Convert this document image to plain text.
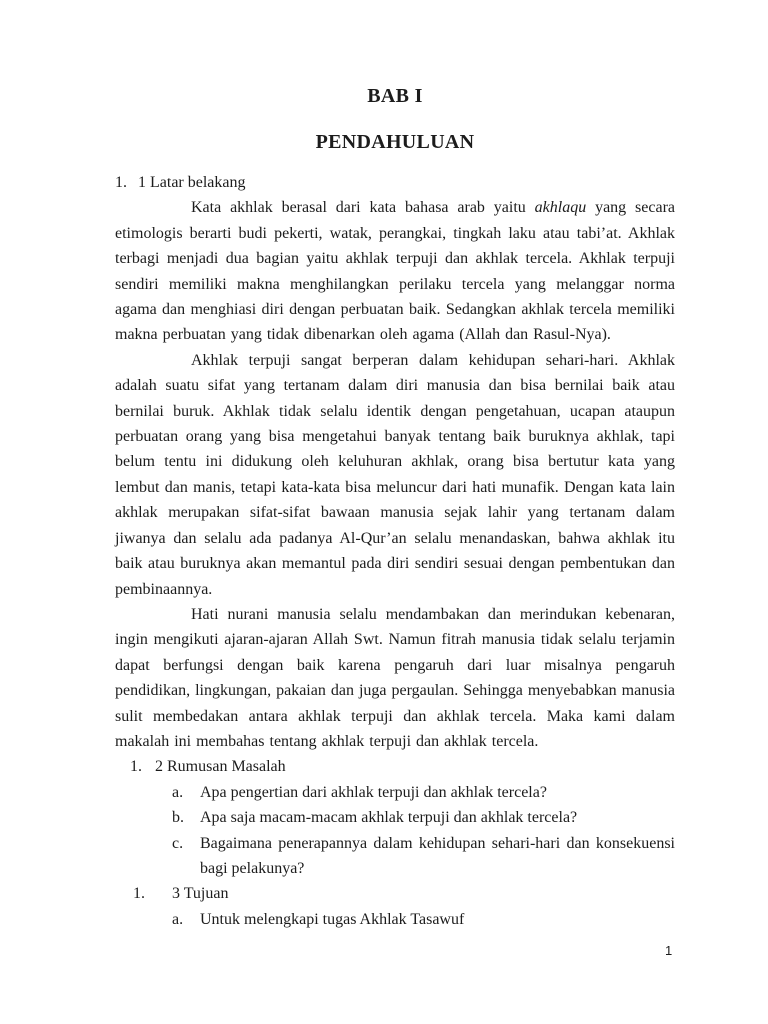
BAB I
PENDAHULUAN
1. 1 Latar belakang

Kata akhlak berasal dari kata bahasa arab yaitu akhlaqu yang secara etimologis berarti budi pekerti, watak, perangkai, tingkah laku atau tabi’at. Akhlak terbagi menjadi dua bagian yaitu akhlak terpuji dan akhlak tercela. Akhlak terpuji sendiri memiliki makna menghilangkan perilaku tercela yang melanggar norma agama dan menghiasi diri dengan perbuatan baik. Sedangkan akhlak tercela memiliki makna perbuatan yang tidak dibenarkan oleh agama (Allah dan Rasul-Nya).

Akhlak terpuji sangat berperan dalam kehidupan sehari-hari. Akhlak adalah suatu sifat yang tertanam dalam diri manusia dan bisa bernilai baik atau bernilai buruk. Akhlak tidak selalu identik dengan pengetahuan, ucapan ataupun perbuatan orang yang bisa mengetahui banyak tentang baik buruknya akhlak, tapi belum tentu ini didukung oleh keluhuran akhlak, orang bisa bertutur kata yang lembut dan manis, tetapi kata-kata bisa meluncur dari hati munafik. Dengan kata lain akhlak merupakan sifat-sifat bawaan manusia sejak lahir yang tertanam dalam jiwanya dan selalu ada padanya Al-Qur’an selalu menandaskan, bahwa akhlak itu baik atau buruknya akan memantul pada diri sendiri sesuai dengan pembentukan dan pembinaannya.

Hati nurani manusia selalu mendambakan dan merindukan kebenaran, ingin mengikuti ajaran-ajaran Allah Swt. Namun fitrah manusia tidak selalu terjamin dapat berfungsi dengan baik karena pengaruh dari luar misalnya pengaruh pendidikan, lingkungan, pakaian dan juga pergaulan. Sehingga menyebabkan manusia sulit membedakan antara akhlak terpuji dan akhlak tercela. Maka kami dalam makalah ini membahas tentang akhlak terpuji dan akhlak tercela.

1. 2 Rumusan Masalah
a.	Apa pengertian dari akhlak terpuji dan akhlak tercela?
b.	Apa saja macam-macam akhlak terpuji dan akhlak tercela?
c.	Bagaimana penerapannya dalam kehidupan sehari-hari dan konsekuensi bagi pelakunya?
1.	3 Tujuan
a.	Untuk melengkapi tugas Akhlak Tasawuf
1
